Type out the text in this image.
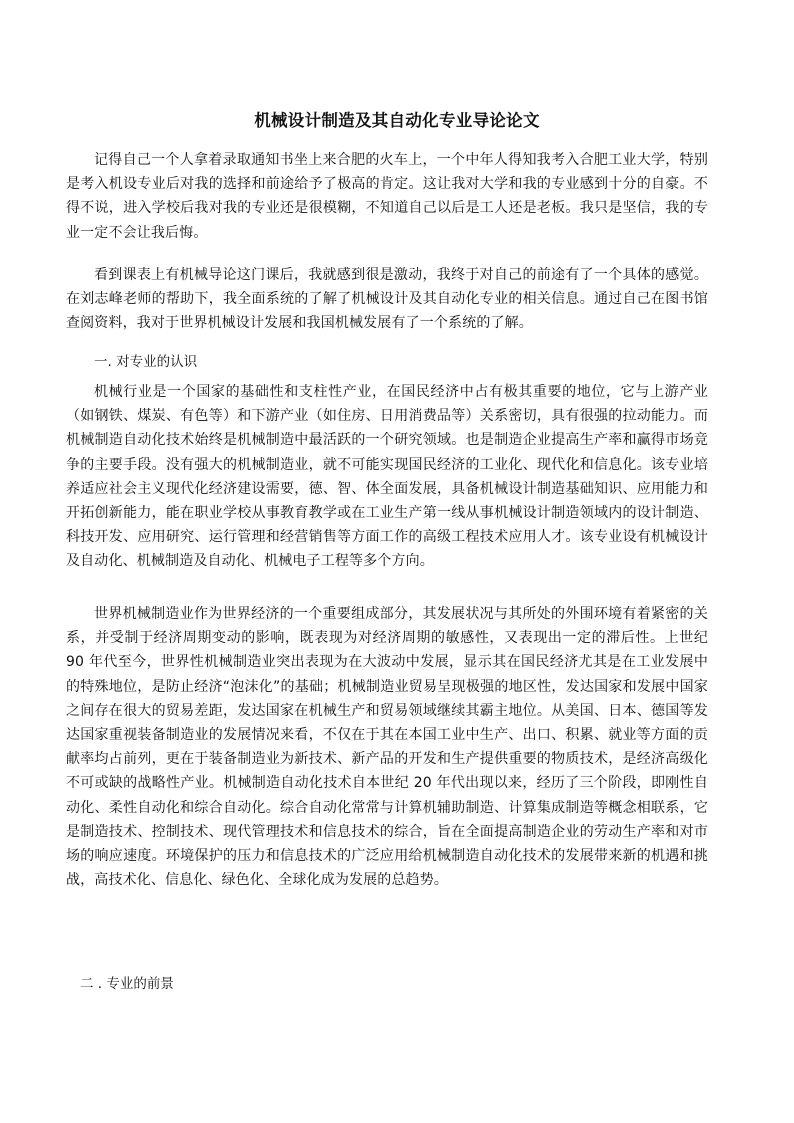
机械设计制造及其自动化专业导论论文
记得自己一个人拿着录取通知书坐上来合肥的火车上，一个中年人得知我考入合肥工业大学，特别是考入机设专业后对我的选择和前途给予了极高的肯定。这让我对大学和我的专业感到十分的自豪。不得不说，进入学校后我对我的专业还是很模糊，不知道自己以后是工人还是老板。我只是坚信，我的专业一定不会让我后悔。
看到课表上有机械导论这门课后，我就感到很是激动，我终于对自己的前途有了一个具体的感觉。在刘志峰老师的帮助下，我全面系统的了解了机械设计及其自动化专业的相关信息。通过自己在图书馆查阅资料，我对于世界机械设计发展和我国机械发展有了一个系统的了解。
一. 对专业的认识
机械行业是一个国家的基础性和支柱性产业，在国民经济中占有极其重要的地位，它与上游产业（如钢铁、煤炭、有色等）和下游产业（如住房、日用消费品等）关系密切，具有很强的拉动能力。而机械制造自动化技术始终是机械制造中最活跃的一个研究领域。也是制造企业提高生产率和赢得市场竞争的主要手段。没有强大的机械制造业，就不可能实现国民经济的工业化、现代化和信息化。该专业培养适应社会主义现代化经济建设需要，德、智、体全面发展，具备机械设计制造基础知识、应用能力和开拓创新能力，能在职业学校从事教育教学或在工业生产第一线从事机械设计制造领域内的设计制造、科技开发、应用研究、运行管理和经营销售等方面工作的高级工程技术应用人才。该专业设有机械设计及自动化、机械制造及自动化、机械电子工程等多个方向。
世界机械制造业作为世界经济的一个重要组成部分，其发展状况与其所处的外围环境有着紧密的关系，并受制于经济周期变动的影响，既表现为对经济周期的敏感性，又表现出一定的滞后性。上世纪 90 年代至今，世界性机械制造业突出表现为在大波动中发展，显示其在国民经济尤其是在工业发展中的特殊地位，是防止经济“泡沫化”的基础；机械制造业贸易呈现极强的地区性，发达国家和发展中国家之间存在很大的贸易差距，发达国家在机械生产和贸易领域继续其霸主地位。从美国、日本、德国等发达国家重视装备制造业的发展情况来看，不仅在于其在本国工业中生产、出口、积累、就业等方面的贡献率均占前列，更在于装备制造业为新技术、新产品的开发和生产提供重要的物质技术，是经济高级化不可或缺的战略性产业。机械制造自动化技术自本世纪 20 年代出现以来，经历了三个阶段，即刚性自动化、柔性自动化和综合自动化。综合自动化常常与计算机辅助制造、计算集成制造等概念相联系，它是制造技术、控制技术、现代管理技术和信息技术的综合，旨在全面提高制造企业的劳动生产率和对市场的响应速度。环境保护的压力和信息技术的广泛应用给机械制造自动化技术的发展带来新的机遇和挑战，高技术化、信息化、绿色化、全球化成为发展的总趋势。
二 . 专业的前景
